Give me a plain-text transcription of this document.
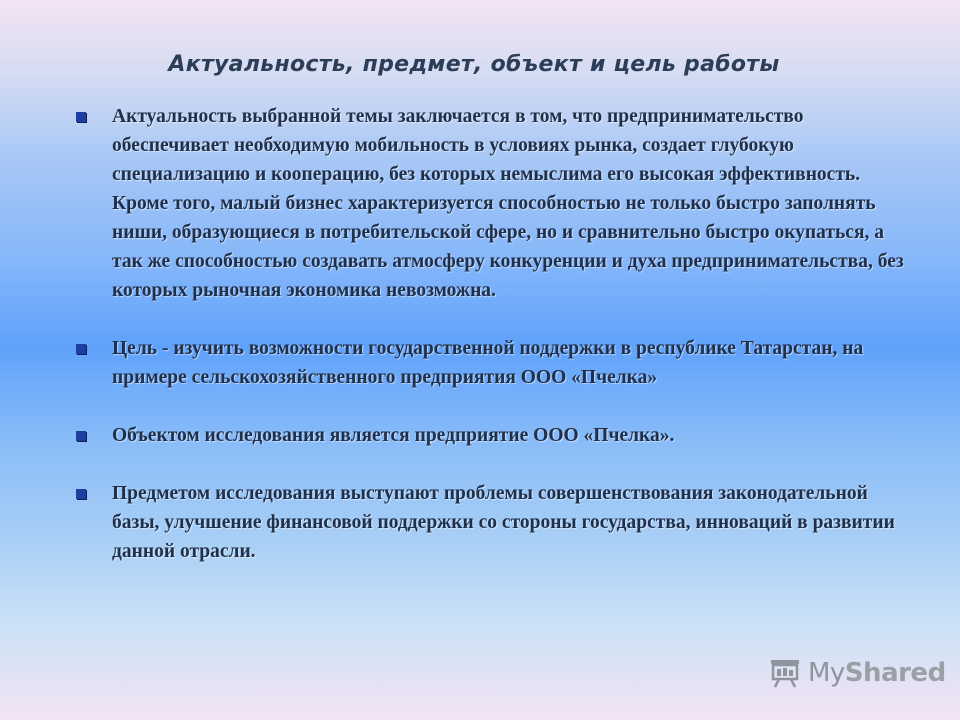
Актуальность, предмет, объект и цель работы
Актуальность выбранной темы заключается в том, что предпринимательство обеспечивает необходимую мобильность в условиях рынка, создает глубокую специализацию и кооперацию, без которых немыслима его высокая эффективность. Кроме того, малый бизнес характеризуется способностью не только быстро заполнять ниши, образующиеся в потребительской сфере, но и сравнительно быстро окупаться, а так же способностью создавать атмосферу конкуренции и духа предпринимательства, без которых рыночная экономика невозможна.
Цель - изучить возможности государственной поддержки в республике Татарстан, на примере сельскохозяйственного предприятия ООО «Пчелка»
Объектом исследования является предприятие ООО «Пчелка».
Предметом исследования выступают проблемы совершенствования законодательной базы, улучшение финансовой поддержки со стороны государства, инноваций в развитии данной отрасли.
MyShared
